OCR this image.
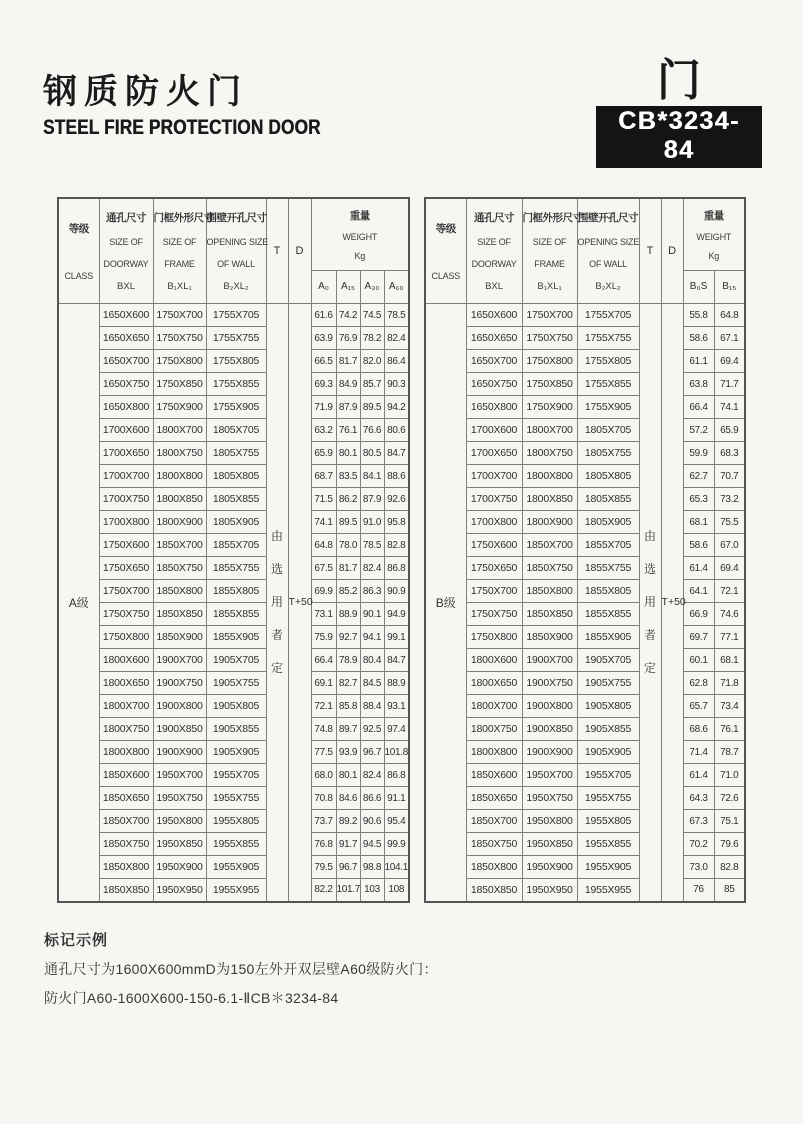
钢质防火门
STEEL FIRE PROTECTION DOOR
门
CB*3234-84
等级
CLASS	通孔尺寸
SIZE OF
DOORWAY
BXL	门框外形尺寸
SIZE OF
FRAME
B₁XL₁	围壁开孔尺寸
OPENING SIZE
OF WALL
B₂XL₂	T	D	重量
WEIGHT
Kg			

						A₀	A₁₅	A₃₀	A₆₀
A级	1650X600	1750X700	1755X705	由选用者定	T+50	61.6	74.2	74.5	78.5
	1650X650	1750X750	1755X755			63.9	76.9	78.2	82.4
	1650X700	1750X800	1755X805			66.5	81.7	82.0	86.4
	1650X750	1750X850	1755X855			69.3	84.9	85.7	90.3
	1650X800	1750X900	1755X905			71.9	87.9	89.5	94.2
	1700X600	1800X700	1805X705			63.2	76.1	76.6	80.6
	1700X650	1800X750	1805X755			65.9	80.1	80.5	84.7
	1700X700	1800X800	1805X805			68.7	83.5	84.1	88.6
	1700X750	1800X850	1805X855			71.5	86.2	87.9	92.6
	1700X800	1800X900	1805X905			74.1	89.5	91.0	95.8
	1750X600	1850X700	1855X705			64.8	78.0	78.5	82.8
	1750X650	1850X750	1855X755			67.5	81.7	82.4	86.8
	1750X700	1850X800	1855X805			69.9	85.2	86.3	90.9
	1750X750	1850X850	1855X855			73.1	88.9	90.1	94.9
	1750X800	1850X900	1855X905			75.9	92.7	94.1	99.1
	1800X600	1900X700	1905X705			66.4	78.9	80.4	84.7
	1800X650	1900X750	1905X755			69.1	82.7	84.5	88.9
	1800X700	1900X800	1905X805			72.1	85.8	88.4	93.1
	1800X750	1900X850	1905X855			74.8	89.7	92.5	97.4
	1800X800	1900X900	1905X905			77.5	93.9	96.7	101.8
	1850X600	1950X700	1955X705			68.0	80.1	82.4	86.8
	1850X650	1950X750	1955X755			70.8	84.6	86.6	91.1
	1850X700	1950X800	1955X805			73.7	89.2	90.6	95.4
	1850X750	1950X850	1955X855			76.8	91.7	94.5	99.9
	1850X800	1950X900	1955X905			79.5	96.7	98.8	104.1
	1850X850	1950X950	1955X955			82.2	101.7	103	108
等级
CLASS	通孔尺寸
SIZE OF
DOORWAY
BXL	门框外形尺寸
SIZE OF
FRAME
B₁XL₁	围壁开孔尺寸
OPENING SIZE
OF WALL
B₂XL₂	T	D	重量
WEIGHT
Kg	

						B₀S	B₁₅
B级	1650X600	1750X700	1755X705	由选用者定	T+50	55.8	64.8
	1650X650	1750X750	1755X755			58.6	67.1
	1650X700	1750X800	1755X805			61.1	69.4
	1650X750	1750X850	1755X855			63.8	71.7
	1650X800	1750X900	1755X905			66.4	74.1
	1700X600	1800X700	1805X705			57.2	65.9
	1700X650	1800X750	1805X755			59.9	68.3
	1700X700	1800X800	1805X805			62.7	70.7
	1700X750	1800X850	1805X855			65.3	73.2
	1700X800	1800X900	1805X905			68.1	75.5
	1750X600	1850X700	1855X705			58.6	67.0
	1750X650	1850X750	1855X755			61.4	69.4
	1750X700	1850X800	1855X805			64.1	72.1
	1750X750	1850X850	1855X855			66.9	74.6
	1750X800	1850X900	1855X905			69.7	77.1
	1800X600	1900X700	1905X705			60.1	68.1
	1800X650	1900X750	1905X755			62.8	71.8
	1800X700	1900X800	1905X805			65.7	73.4
	1800X750	1900X850	1905X855			68.6	76.1
	1800X800	1900X900	1905X905			71.4	78.7
	1850X600	1950X700	1955X705			61.4	71.0
	1850X650	1950X750	1955X755			64.3	72.6
	1850X700	1950X800	1955X805			67.3	75.1
	1850X750	1950X850	1955X855			70.2	79.6
	1850X800	1950X900	1955X905			73.0	82.8
	1850X850	1950X950	1955X955			76	85
标记示例
通孔尺寸为1600X600mmD为150左外开双层壁A60级防火门：
防火门A60-1600X600-150-6.1-ⅡCB＊3234-84
